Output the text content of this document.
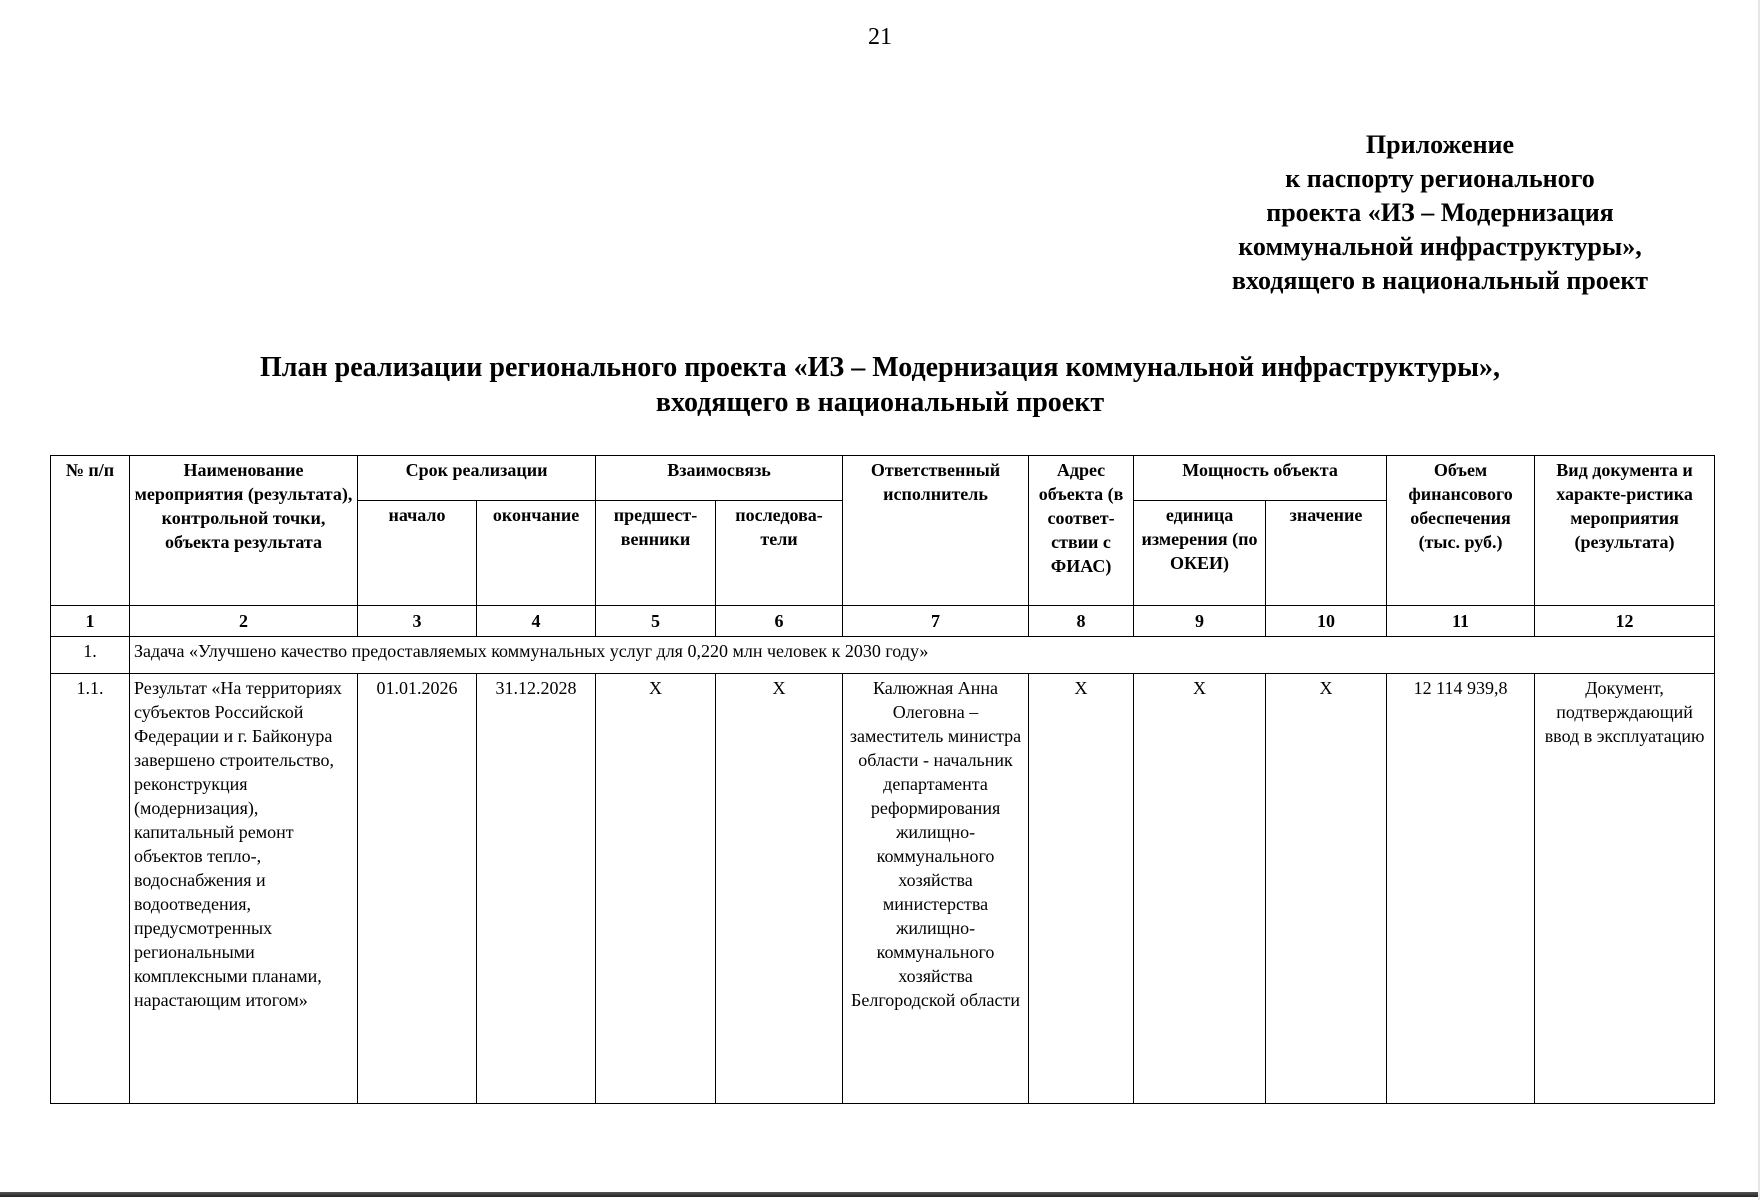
21
Приложение
к паспорту регионального
проекта «ИЗ – Модернизация
коммунальной инфраструктуры»,
входящего в национальный проект
План реализации регионального проекта «ИЗ – Модернизация коммунальной инфраструктуры»,
входящего в национальный проект
№ п/п	Наименование мероприятия (результата), контрольной точки, объекта результата	Срок реализации		Взаимосвязь		Ответственный исполнитель	Адрес объекта (в соответ-ствии с ФИАС)	Мощность объекта		Объем финансового обеспечения (тыс. руб.)	Вид документа и характе-ристика мероприятия (результата)
		начало	окончание	предшест-венники	последова-тели			единица измерения (по ОКЕИ)	значение		
1	2	3	4	5	6	7	8	9	10	11	12
1.	Задача «Улучшено качество предоставляемых коммунальных услуг для 0,220 млн человек к 2030 году»										
1.1.	Результат «На территориях субъектов Российской Федерации и г. Байконура завершено строительство, реконструкция (модернизация), капитальный ремонт объектов тепло-, водоснабжения и водоотведения, предусмотренных региональными комплексными планами, нарастающим итогом»	01.01.2026	31.12.2028	X	X	Калюжная Анна Олеговна – заместитель министра области - начальник департамента реформирования жилищно-коммунального хозяйства министерства жилищно-коммунального хозяйства Белгородской области	X	X	X	12 114 939,8	Документ, подтверждающий ввод в эксплуатацию
